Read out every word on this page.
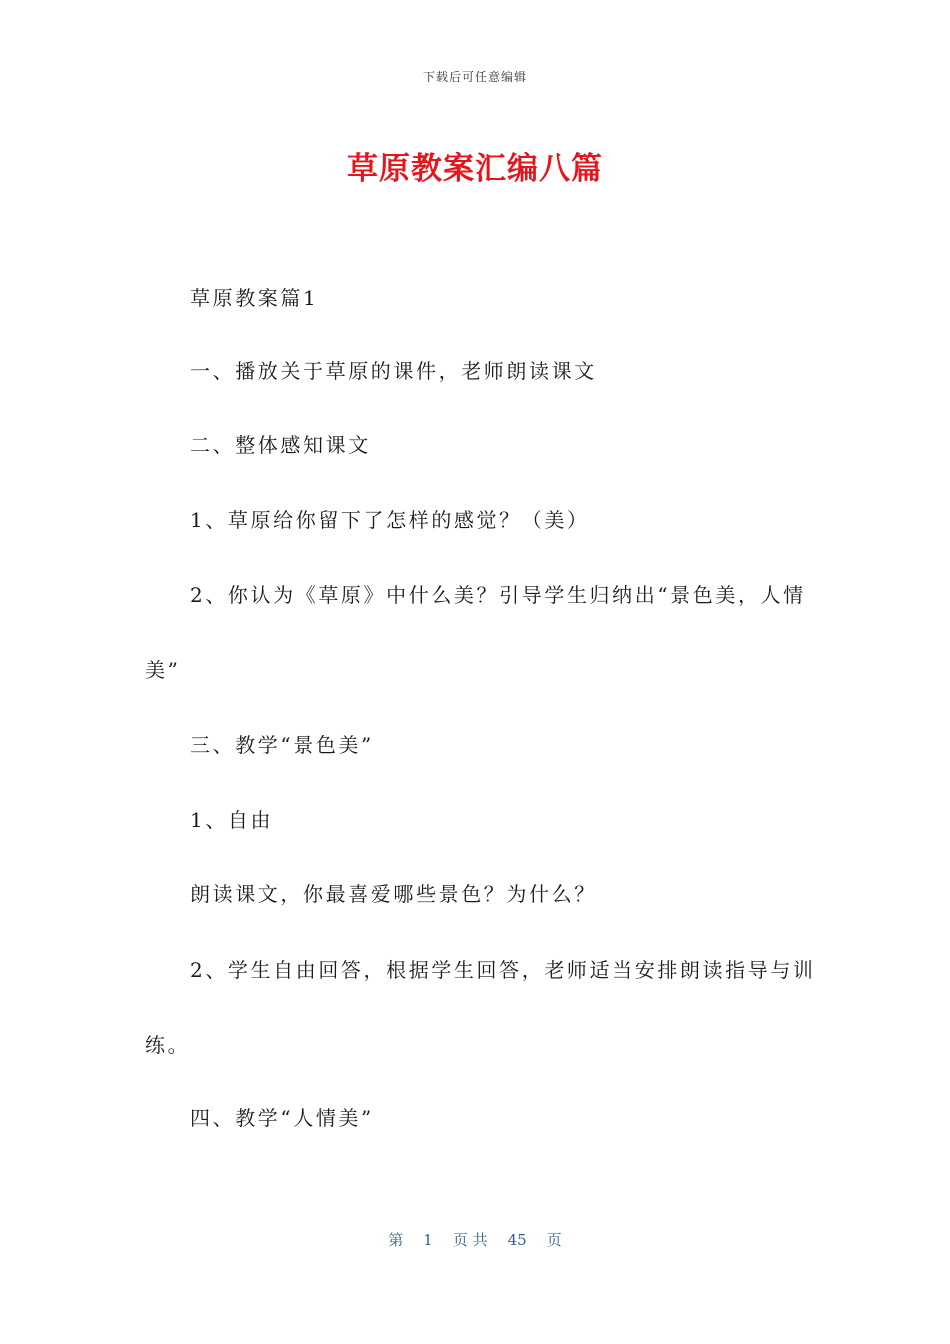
下载后可任意编辑
草原教案汇编八篇
草原教案篇1
一、播放关于草原的课件，老师朗读课文
二、整体感知课文
1、草原给你留下了怎样的感觉？（美）
2、你认为《草原》中什么美？引导学生归纳出“景色美，人情
美”
三、教学“景色美”
1、自由
朗读课文，你最喜爱哪些景色？为什么？
2、学生自由回答，根据学生回答，老师适当安排朗读指导与训
练。
四、教学“人情美”
第 1 页 共 45 页
